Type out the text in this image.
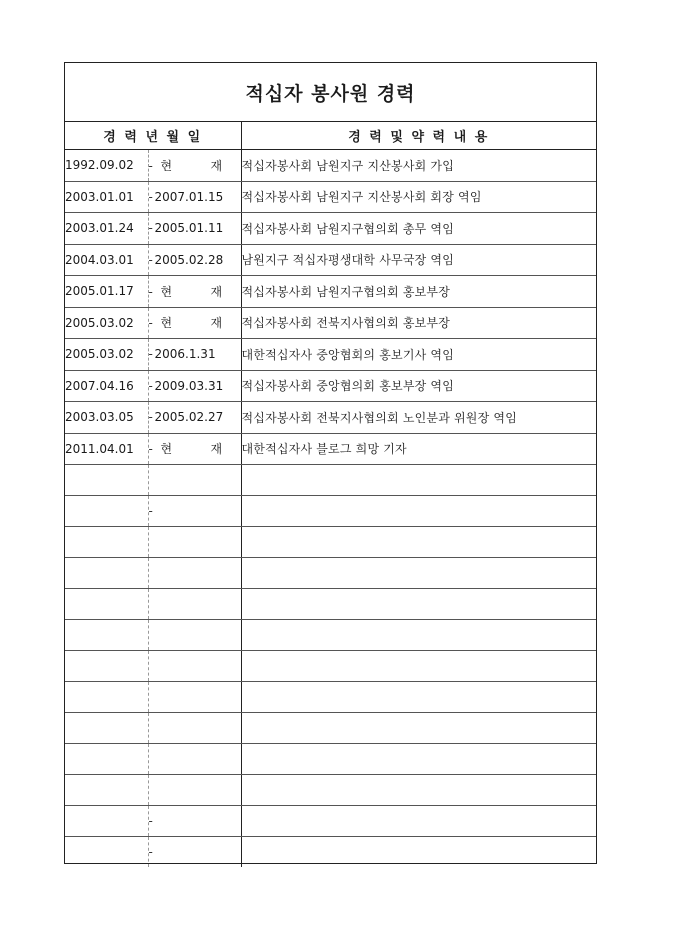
적십자 봉사원 경력
경 력 년 월 일		경 력 및 약 력 내 용
1992.09.02	- 현 재	적십자봉사회 남원지구 지산봉사회 가입
2003.01.01	- 2007.01.15	적십자봉사회 남원지구 지산봉사회 회장 역임
2003.01.24	- 2005.01.11	적십자봉사회 남원지구협의회 총무 역임
2004.03.01	- 2005.02.28	남원지구 적십자평생대학 사무국장 역임
2005.01.17	- 현 재	적십자봉사회 남원지구협의회 홍보부장
2005.03.02	- 현 재	적십자봉사회 전북지사협의회 홍보부장
2005.03.02	- 2006.1.31	대한적십자사 중앙협회의 홍보기사 역임
2007.04.16	- 2009.03.31	적십자봉사회 중앙협의회 홍보부장 역임
2003.03.05	- 2005.02.27	적십자봉사회 전북지사협의회 노인분과 위원장 역임
2011.04.01	- 현 재	대한적십자사 블로그 희망 기자

	-	

	-	
	-	
